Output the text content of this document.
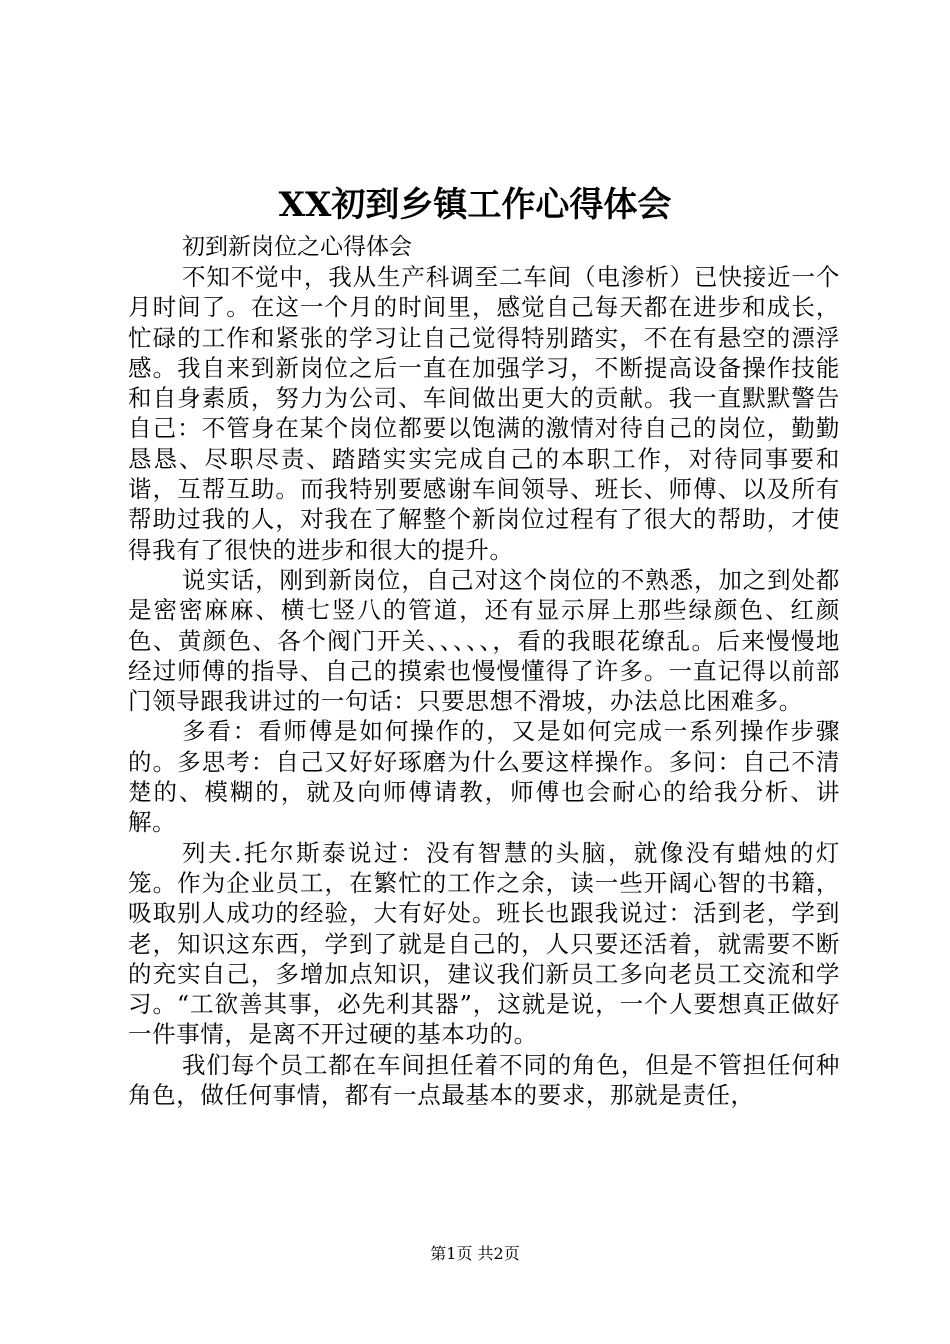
XX初到乡镇工作心得体会

初到新岗位之心得体会

不知不觉中，我从生产科调至二车间（电渗析）已快接近一个月时间了。在这一个月的时间里，感觉自己每天都在进步和成长，忙碌的工作和紧张的学习让自己觉得特别踏实，不在有悬空的漂浮感。我自来到新岗位之后一直在加强学习，不断提高设备操作技能和自身素质，努力为公司、车间做出更大的贡献。我一直默默警告自己：不管身在某个岗位都要以饱满的激情对待自己的岗位，勤勤恳恳、尽职尽责、踏踏实实完成自己的本职工作，对待同事要和谐，互帮互助。而我特别要感谢车间领导、班长、师傅、以及所有帮助过我的人，对我在了解整个新岗位过程有了很大的帮助，才使得我有了很快的进步和很大的提升。

说实话，刚到新岗位，自己对这个岗位的不熟悉，加之到处都是密密麻麻、横七竖八的管道，还有显示屏上那些绿颜色、红颜色、黄颜色、各个阀门开关、、、、、，看的我眼花缭乱。后来慢慢地经过师傅的指导、自己的摸索也慢慢懂得了许多。一直记得以前部门领导跟我讲过的一句话：只要思想不滑坡，办法总比困难多。

多看：看师傅是如何操作的，又是如何完成一系列操作步骤的。多思考：自己又好好琢磨为什么要这样操作。多问：自己不清楚的、模糊的，就及向师傅请教，师傅也会耐心的给我分析、讲解。

列夫.托尔斯泰说过：没有智慧的头脑，就像没有蜡烛的灯笼。作为企业员工，在繁忙的工作之余，读一些开阔心智的书籍，吸取别人成功的经验，大有好处。班长也跟我说过：活到老，学到老，知识这东西，学到了就是自己的，人只要还活着，就需要不断的充实自己，多增加点知识，建议我们新员工多向老员工交流和学习。“工欲善其事，必先利其器”，这就是说，一个人要想真正做好一件事情，是离不开过硬的基本功的。

我们每个员工都在车间担任着不同的角色，但是不管担任何种角色，做任何事情，都有一点最基本的要求，那就是责任，

第1页 共2页
